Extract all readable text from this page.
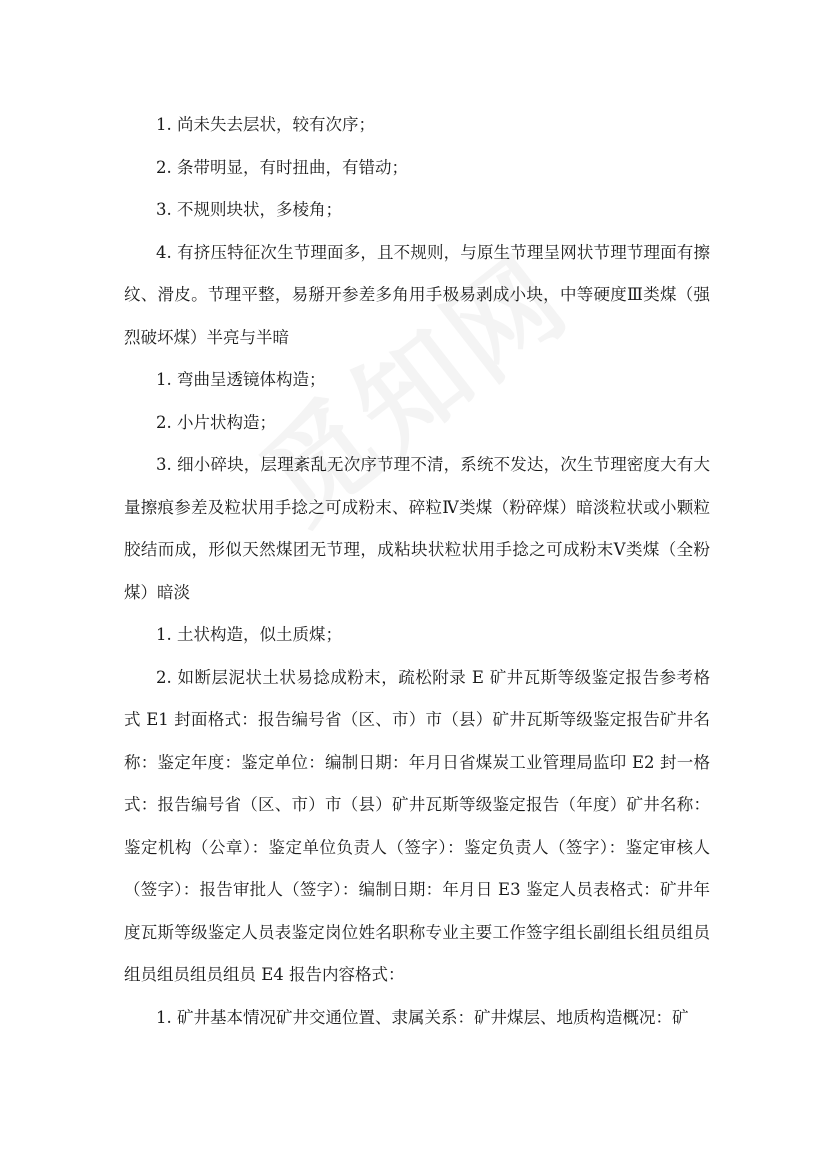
1. 尚未失去层状，较有次序；

2. 条带明显，有时扭曲，有错动；

3. 不规则块状，多棱角；

4. 有挤压特征次生节理面多，且不规则，与原生节理呈网状节理节理面有擦纹、滑皮。节理平整，易掰开参差多角用手极易剥成小块，中等硬度Ⅲ类煤（强烈破坏煤）半亮与半暗

1. 弯曲呈透镜体构造；

2. 小片状构造；

3. 细小碎块，层理紊乱无次序节理不清，系统不发达，次生节理密度大有大量擦痕参差及粒状用手捻之可成粉末、碎粒Ⅳ类煤（粉碎煤）暗淡粒状或小颗粒胶结而成，形似天然煤团无节理，成粘块状粒状用手捻之可成粉末Ⅴ类煤（全粉煤）暗淡

1. 土状构造，似土质煤；

2. 如断层泥状土状易捻成粉末，疏松附录 E 矿井瓦斯等级鉴定报告参考格式 E1 封面格式：报告编号省（区、市）市（县）矿井瓦斯等级鉴定报告矿井名称：鉴定年度：鉴定单位：编制日期：年月日省煤炭工业管理局监印 E2 封一格式：报告编号省（区、市）市（县）矿井瓦斯等级鉴定报告（年度）矿井名称：鉴定机构（公章）：鉴定单位负责人（签字）：鉴定负责人（签字）：鉴定审核人（签字）：报告审批人（签字）：编制日期：年月日 E3 鉴定人员表格式：矿井年度瓦斯等级鉴定人员表鉴定岗位姓名职称专业主要工作签字组长副组长组员组员组员组员组员组员 E4 报告内容格式：

1. 矿井基本情况矿井交通位置、隶属关系：矿井煤层、地质构造概况：矿
